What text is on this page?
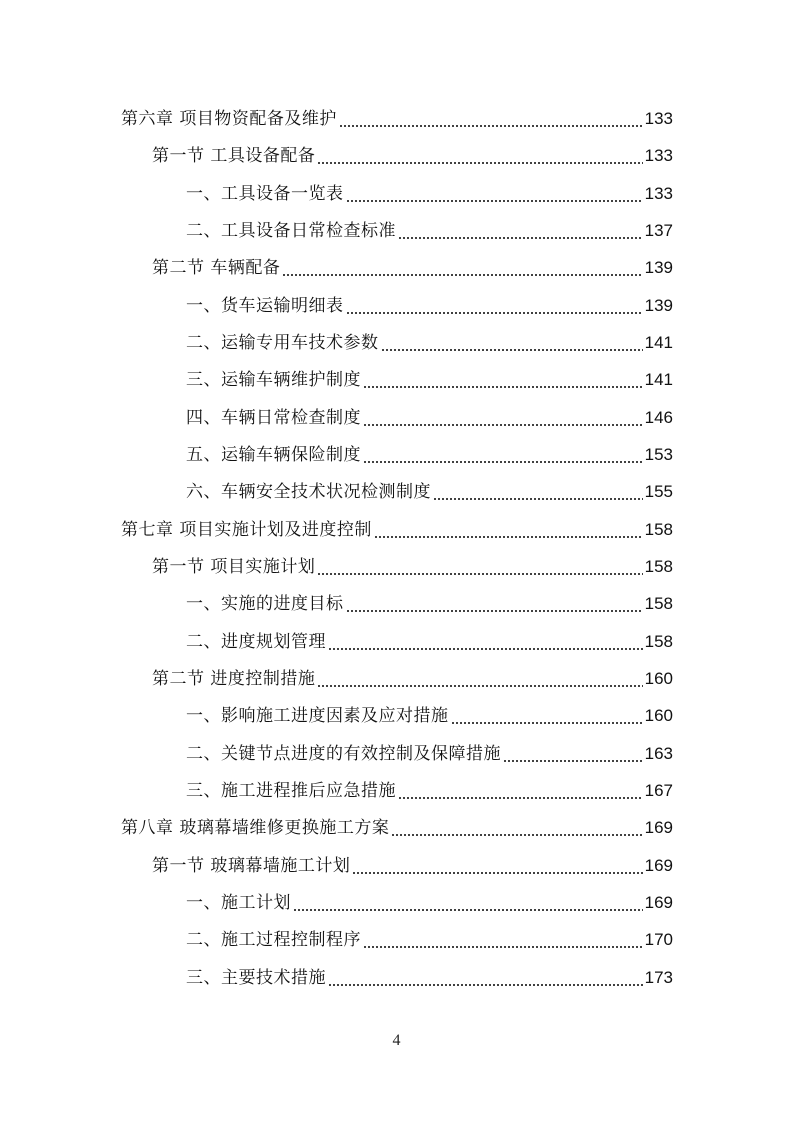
第六章 项目物资配备及维护	133
第一节 工具设备配备	133
一、工具设备一览表	133
二、工具设备日常检查标准	137
第二节 车辆配备	139
一、货车运输明细表	139
二、运输专用车技术参数	141
三、运输车辆维护制度	141
四、车辆日常检查制度	146
五、运输车辆保险制度	153
六、车辆安全技术状况检测制度	155
第七章 项目实施计划及进度控制	158
第一节 项目实施计划	158
一、实施的进度目标	158
二、进度规划管理	158
第二节 进度控制措施	160
一、影响施工进度因素及应对措施	160
二、关键节点进度的有效控制及保障措施	163
三、施工进程推后应急措施	167
第八章 玻璃幕墙维修更换施工方案	169
第一节 玻璃幕墙施工计划	169
一、施工计划	169
二、施工过程控制程序	170
三、主要技术措施	173
4
